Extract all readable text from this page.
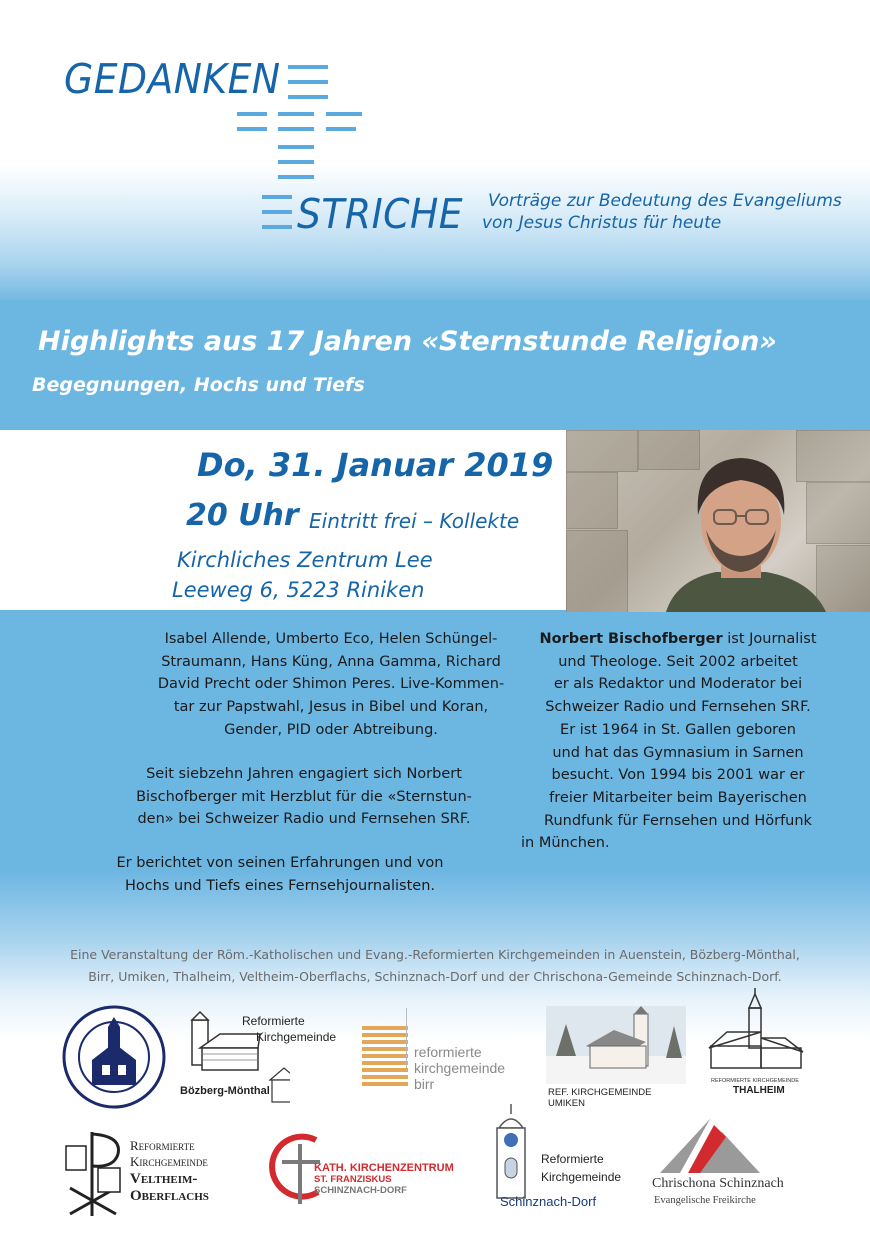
GEDANKEN
STRICHE Vorträge zur Bedeutung des Evangeliums
von Jesus Christus für heute
Highlights aus 17 Jahren «Sternstunde Religion»
Begegnungen, Hochs und Tiefs
Do, 31. Januar 2019
20 Uhr Eintritt frei – Kollekte
Kirchliches Zentrum Lee
Leeweg 6, 5223 Riniken
Isabel Allende, Umberto Eco, Helen Schüngel-
Straumann, Hans Küng, Anna Gamma, Richard
David Precht oder Shimon Peres. Live-Kommen-
tar zur Papstwahl, Jesus in Bibel und Koran,
Gender, PID oder Abtreibung.
Seit siebzehn Jahren engagiert sich Norbert
Bischofberger mit Herzblut für die «Sternstun-
den» bei Schweizer Radio und Fernsehen SRF.
Er berichtet von seinen Erfahrungen und von
Hochs und Tiefs eines Fernsehjournalisten.
Norbert Bischofberger ist Journalist
und Theologe. Seit 2002 arbeitet
er als Redaktor und Moderator bei
Schweizer Radio und Fernsehen SRF.
Er ist 1964 in St. Gallen geboren
und hat das Gymnasium in Sarnen
besucht. Von 1994 bis 2001 war er
freier Mitarbeiter beim Bayerischen
Rundfunk für Fernsehen und Hörfunk
in München.
Eine Veranstaltung der Röm.-Katholischen und Evang.-Reformierten Kirchgemeinden in Auenstein, Bözberg-Mönthal,
Birr, Umiken, Thalheim, Veltheim-Oberflachs, Schinznach-Dorf und der Chrischona-Gemeinde Schinznach-Dorf.
Reformierte
Kirchgemeinde
Bözberg-Mönthal
reformierte
kirchgemeinde
birr
REF. KIRCHGEMEINDE UMIKEN
REFORMIERTE KIRCHGEMEINDE
THALHEIM
Reformierte
Kirchgemeinde
Veltheim-
Oberflachs
KATH. KIRCHENZENTRUM
ST. FRANZISKUS
SCHINZNACH-DORF
Reformierte
Kirchgemeinde
Schinznach-Dorf
Chrischona Schinznach
Evangelische Freikirche
